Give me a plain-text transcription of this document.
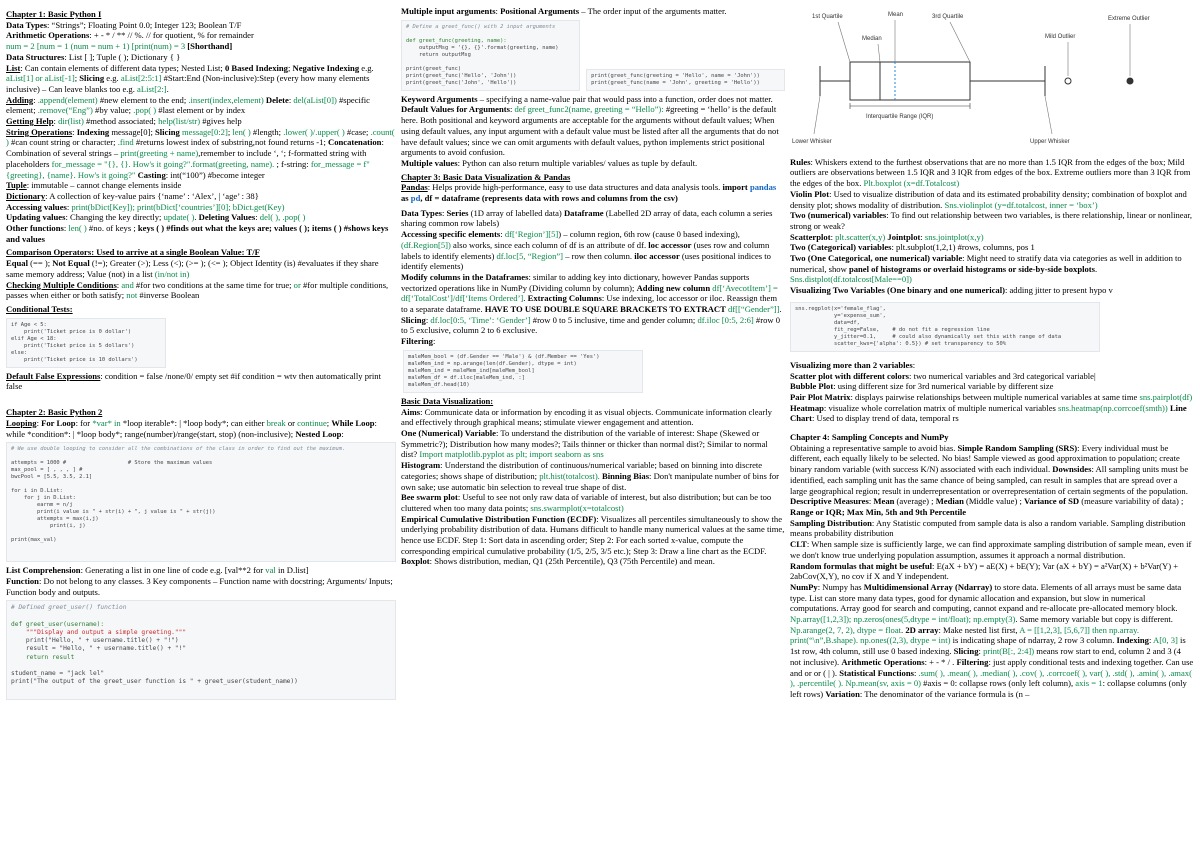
Chapter 1: Basic Python I

Data Types: “Strings”; Floating Point 0.0; Integer 123; Boolean T/F

Arithmetic Operations: + - * / ** // %. // for quotient, % for remainder

num = 2 [num = 1 (num = num + 1) [print(num) = 3 [Shorthand]

Data Structures: List [ ]; Tuple ( ); Dictionary { }

List: Can contain elements of different data types; Nested List; 0 Based Indexing; Negative Indexing e.g. aList[1] or aList[-1]; Slicing e.g. aList[2:5:1] #Start:End (Non-inclusive):Step (every how many elements inclusive) – Can leave blanks too e.g. aList[2:].

Adding: .append(element) #new element to the end; .insert(index,element) Delete: del(aList[0]) #specific element; .remove(“Eng”) #by value; .pop( ) #last element or by index

Getting Help: dir(list) #method associated; help(list/str) #gives help

String Operations: Indexing message[0]; Slicing message[0:2]; len( ) #length; .lower( )/.upper( ) #case; .count( ) #can count string or character; .find #returns lowest index of substring,not found returns -1; Concatenation: Combination of several strings – print(greeting + name),remember to include ‘, ‘; f-formatted string with placeholders for_message = "{}, {}. How's it going?".format(greeting, name). ; f-string: for_message = f"{greeting}, {name}. How's it going?" Casting: int(“100”) #become integer

Tuple: immutable – cannot change elements inside

Dictionary: A collection of key-value pairs {‘name’ : ‘Alex’, | ‘age’ : 38}

Accessing values: print(bDict[Key]); print(bDict[‘countries’][0]; bDict.get(Key)

Updating values: Changing the key directly; update( ). Deleting Values: del( ), .pop( )

Other functions: len( ) #no. of keys ; keys ( ) #finds out what the keys are; values ( ); items ( ) #shows keys and values

Comparison Operators: Used to arrive at a single Boolean Value: T/F

Equal (== ); Not Equal (!=); Greater (>); Less (<); (>= ); (<= ); Object Identity (is) #evaluates if they share same memory address; Value (not) in a list (in/not in)

Checking Multiple Conditions: and #for two conditions at the same time for true; or #for multiple conditions, passes when either or both satisfy; not #inverse Boolean

Conditional Tests:

if Age < 5:
print('Ticket price is 0 dollar')
elif Age < 18:
print('Ticket price is 5 dollars')
else:
print('Ticket price is 10 dollars')

Default False Expressions: condition = false /none/0/ empty set #if condition = wtv then automatically print false

Chapter 2: Basic Python 2

Looping: For Loop: for *var* in *loop iterable*: | *loop body*; can either break or continue; While Loop: while *condition*: | *loop body*; range(number)/range(start, stop) (non-inclusive); Nested Loop:

# We use double looping to consider all the combinations of the class in order to find out the maximum.

attempts = 1000 #                   # Store the maximum values
max_pool = [ , , , ] #
bwcPool = [5.5, 3.5, 2.1]

for i in D.List:
for j in D.List:
earnm = n/j
print(i value is " + str(i) + ", j value is " + str(j))
attempts = max(i,j)
print(i, j)

print(max_val)

List Comprehension: Generating a list in one line of code e.g. [val**2 for val in D.list]

Function: Do not belong to any classes. 3 Key components – Function name with docstring; Arguments/ Inputs; Function body and outputs.

# Defined greet_user() function

def greet_user(username):
"""Display and output a simple greeting."""
print("Hello, " + username.title() + "!")
result = "Hello, " + username.title() + "!"
return result

student_name = "jack lel"
print("The output of the greet_user function is " + greet_user(student_name))

Multiple input arguments: Positional Arguments – The order input of the arguments matter.

# Define a greet_func() with 2 input arguments

def greet_func(greeting, name):
outputMsg = '{}, {}'.format(greeting, name)
return outputMsg

print(greet_func)
print(greet_func('Hello', 'John'))
print(greet_func('John', 'Hello'))
print(greet_func(greeting = 'Hello', name = 'John'))
print(greet_func(name = 'John', greeting = 'Hello'))

Keyword Arguments – specifying a name-value pair that would pass into a function, order does not matter.

Default Values for Arguments: def greet_func2(name, greeting = “Hello”): #greeting = ‘hello’ is the default here. Both positional and keyword arguments are acceptable for the arguments without default values; When using default values, any input argument with a default value must be listed after all the arguments that do not have default values; since we can omit arguments with default values, python implements strict positional arguments to avoid confusion.

Multiple values: Python can also return multiple variables/ values as tuple by default.

Chapter 3: Basic Data Visualization & Pandas

Pandas: Helps provide high-performance, easy to use data structures and data analysis tools. import pandas as pd, df = dataframe (represents data with rows and columns from the csv)

Data Types: Series (1D array of labelled data) Dataframe (Labelled 2D array of data, each column a series sharing common row labels)

Accessing specific elements: df[‘Region’][5]) – column region, 6th row (cause 0 based indexing), (df.Region[5]) also works, since each column of df is an attribute of df. loc accessor (uses row and column labels to identify elements) df.loc[5, “Region”] – row then column. iloc accessor (uses positional indices to identify elements)

Modify columns in the Dataframes: similar to adding key into dictionary, however Pandas supports vectorized operations like in NumPy (Dividing column by column); Adding new column df[‘AvecotItem’] = df[‘TotalCost’]/df[‘Items Ordered’]. Extracting Columns: Use indexing, loc accessor or iloc. Reassign them to a separate dataframe. HAVE TO USE DOUBLE SQUARE BRACKETS TO EXTRACT df[[“Gender”]].

Slicing: df.loc[0:5, ‘Time’: ‘Gender’] #row 0 to 5 inclusive, time and gender column; df.iloc [0:5, 2:6] #row 0 to 5 exclusive, column 2 to 6 exclusive.

Filtering:

maleMem_bool = (df.Gender == 'Male') & (df.Member == 'Yes')
maleMem_ind = np.arange(len(df.Gender), dtype = int)
maleMem_ind = maleMem_ind[maleMem_bool]
maleMem_df = df.iloc[maleMem_ind, :]
maleMem_df.head(10)

Basic Data Visualization:

Aims: Communicate data or information by encoding it as visual objects. Communicate information clearly and effectively through graphical means; stimulate viewer engagement and attention.

One (Numerical) Variable: To understand the distribution of the variable of interest: Shape (Skewed or Symmetric?); Distribution how many modes?; Tails thinner or thicker than normal dist?; Similar to normal dist? Import matplotlib.pyplot as plt; import seaborn as sns

Histogram: Understand the distribution of continuous/numerical variable; based on binning into discrete categories; shows shape of distribution; plt.hist(totalcost). Binning Bias: Don't manipulate number of bins for own sake; use automatic bin selection to reveal true shape of dist.

Bee swarm plot: Useful to see not only raw data of variable of interest, but also distribution; but can be too cluttered when too many data points; sns.swarmplot(x=totalcost)

Empirical Cumulative Distribution Function (ECDF): Visualizes all percentiles simultaneously to show the underlying probability distribution of data. Humans difficult to handle many numerical values at the same time, hence use ECDF. Step 1: Sort data in ascending order; Step 2: For each sorted x-value, compute the corresponding empirical cumulative probability (1/5, 2/5, 3/5 etc.); Step 3: Draw a line chart as the ECDF.

Boxplot: Shows distribution, median, Q1 (25th Percentile), Q3 (75th Percentile) and mean.

1st Quartile	Mean
Median
3rd Quartile
Mild Outlier
Extreme Outlier
Interquartile Range (IQR)
Lower Whisker	Upper Whisker

Rules: Whiskers extend to the furthest observations that are no more than 1.5 IQR from the edges of the box; Mild outliers are observations between 1.5 IQR and 3 IQR from edges of the box. Extreme outliers more than 3 IQR from the edges of the box. Plt.boxplot (x=df.Totalcost)

Violin Plot: Used to visualize distribution of data and its estimated probability density; combination of boxplot and density plot; shows modality of distribution. Sns.violinplot (y=df.totalcost, inner = ‘box’)

Two (numerical) variables: To find out relationship between two variables, is there relationship, linear or nonlinear, strong or weak?

Scatterplot: plt.scatter(x,y) Jointplot: sns.jointplot(x,y)

Two (Categorical) variables: plt.subplot(1,2,1) #rows, columns, pos 1

Two (One Categorical, one numerical) variable: Might need to stratify data via categories as well in addition to numerical, show panel of histograms or overlaid histograms or side-by-side boxplots. Sns.distplot(df.totalcost[Male==0])

Visualizing Two Variables (One binary and one numerical): adding jitter to present hypo v

sns.regplot(x='female_flag',
y='expense_sum',
data=df,
fit_reg=False,    # do not fit a regression line
y_jitter=0.1,     # could also dynamically set this with range of data
scatter_kws={'alpha': 0.5}) # set transparency to 50%

Visualizing more than 2 variables:

Scatter plot with different colors: two numerical variables and 3rd categorical variable|

Bubble Plot: using different size for 3rd numerical variable by different size

Pair Plot Matrix: displays pairwise relationships between multiple numerical variables at same time sns.pairplot(df) Heatmap: visualize whole correlation matrix of multiple numerical variables sns.heatmap(np.corrcoef(smth)) Line Chart: Used to display trend of data, temporal rs

Chapter 4: Sampling Concepts and NumPy

Obtaining a representative sample to avoid bias. Simple Random Sampling (SRS): Every individual must be different, each equally likely to be selected. No bias! Sample viewed as good approximation to population; create binary random variable (with success K/N) associated with each individual. Downsides: All sampling units must be identified, each sampling unit has the same chance of being sampled, can result in samples that are spread over a large geographical region; result in underrepresentation or overrepresentation of certain segments of the population.

Descriptive Measures: Mean (average) ; Median (Middle value) ; Variance of SD (measure variability of data) ; Range or IQR; Max Min, 5th and 9th Percentile

Sampling Distribution: Any Statistic computed from sample data is also a random variable. Sampling distribution means probability distribution

CLT: When sample size is sufficiently large, we can find approximate sampling distribution of sample mean, even if we don't know true underlying population assumption, assumes it approach a normal distribution.

Random formulas that might be useful: E(aX + bY) = aE(X) + bE(Y); Var (aX + bY) = a²Var(X) + b²Var(Y) + 2abCov(X,Y), no cov if X and Y independent.

NumPy: Numpy has Multidimensional Array (Ndarray) to store data. Elements of all arrays must be same data type. List can store many data types, good for dynamic allocation and expansion, but slow in numerical computations. Array good for search and computing, cannot expand and re-allocate pre-allocated memory block. Np.array([1,2,3]); np.zeros(ones(5,dtype = int/float); np.empty(3). Same memory variable but copy is different. Np.arange(2, 7, 2), dtype = float. 2D array: Make nested list first, A = [[1,2,3], [5,6,7]] then np.array. print(“\n”,B.shape). np.ones((2,3), dtype = int) is indicating shape of ndarray, 2 row 3 column. Indexing: A[0, 3] is 1st row, 4th column, still use 0 based indexing. Slicing: print(B[:, 2:4]) means row start to end, column 2 and 3 (4 not inclusive). Arithmetic Operations: + - * / . Filtering: just apply conditional tests and indexing together. Can use and or or ( | ). Statistical Functions: .sum( ), .mean( ), .median( ), .cov( ), .corrcoef( ), var( ), .std( ), .amin( ), .amax( ), .percentile( ). Np.mean(sv, axis = 0) #axis = 0: collapse rows (only left column), axis = 1: collapse columns (only left rows) Variation: The denominator of the variance formula is (n –
